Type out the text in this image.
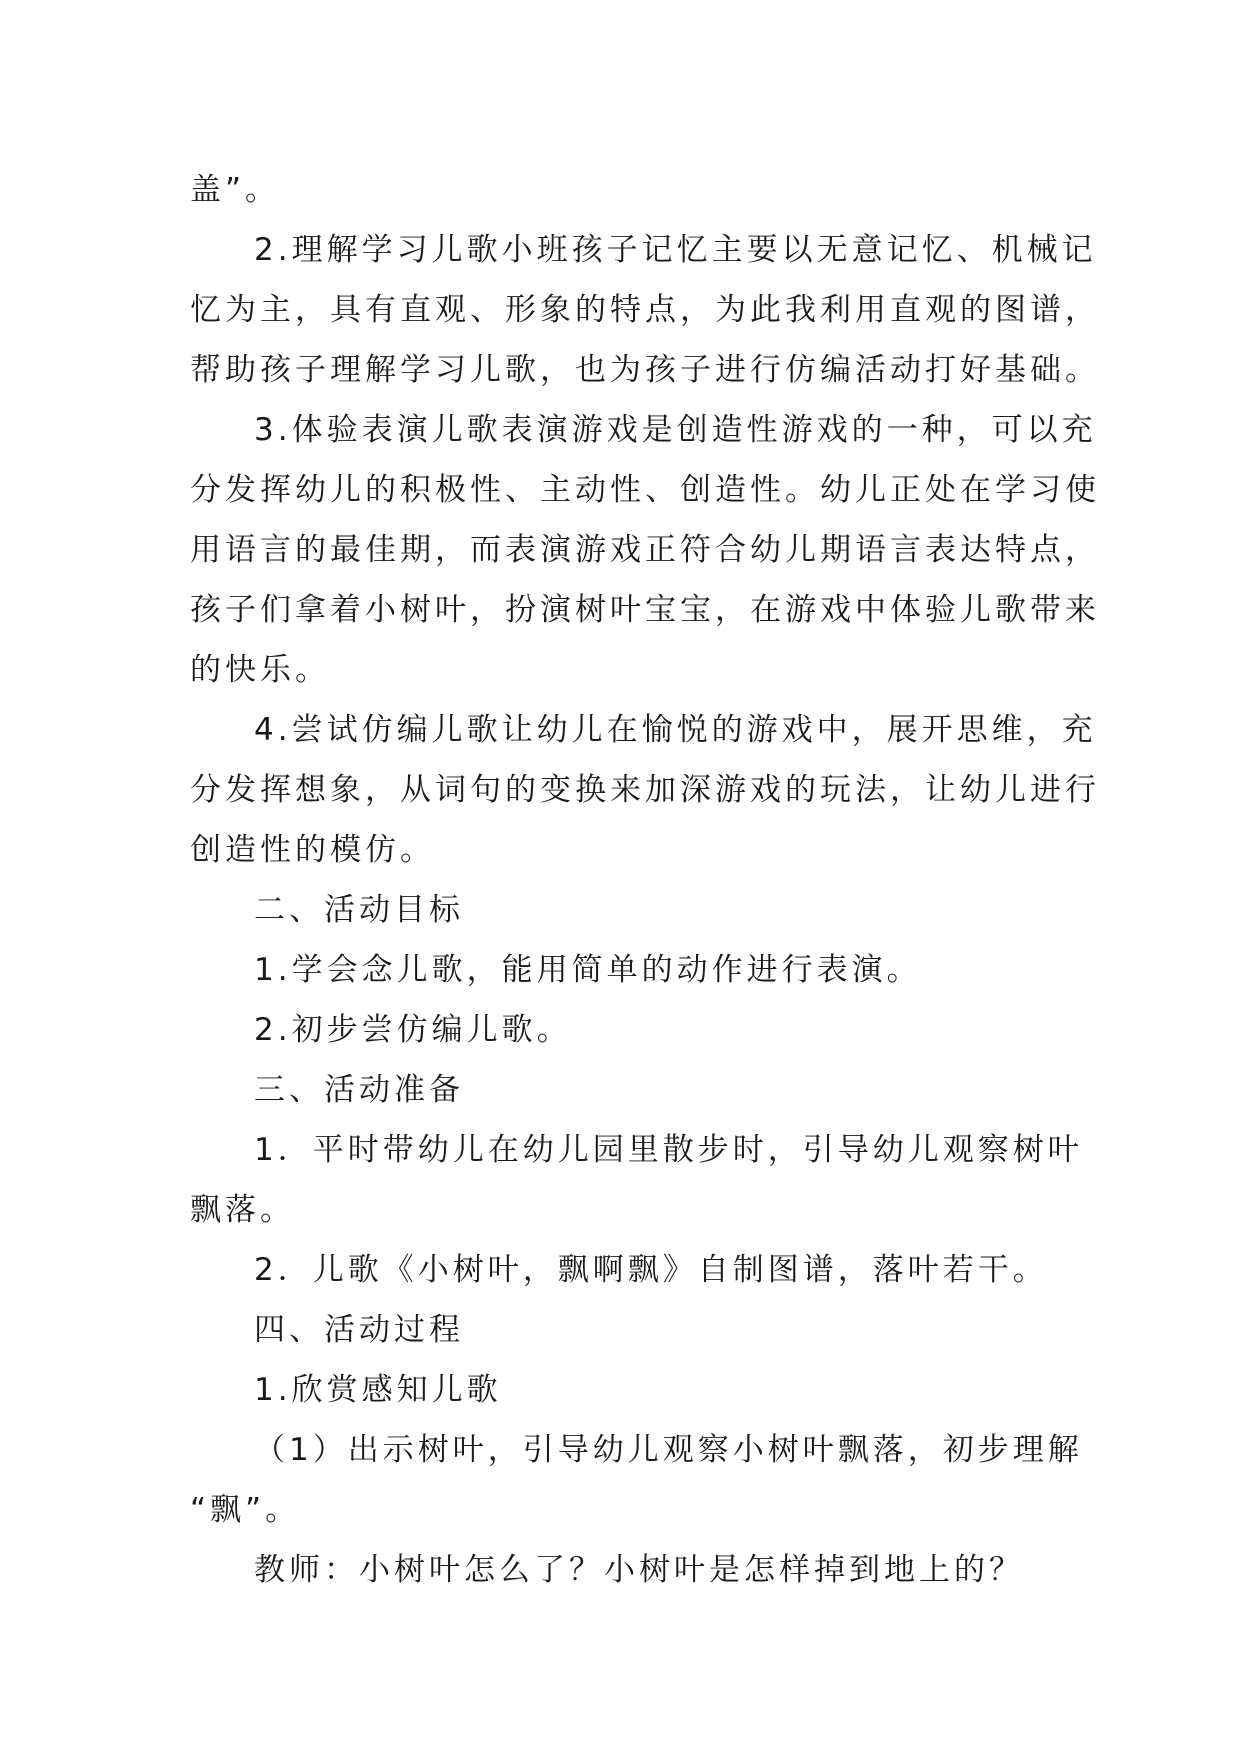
盖”。
2.理解学习儿歌小班孩子记忆主要以无意记忆、机械记
忆为主，具有直观、形象的特点，为此我利用直观的图谱，
帮助孩子理解学习儿歌，也为孩子进行仿编活动打好基础。
3.体验表演儿歌表演游戏是创造性游戏的一种，可以充
分发挥幼儿的积极性、主动性、创造性。幼儿正处在学习使
用语言的最佳期，而表演游戏正符合幼儿期语言表达特点，
孩子们拿着小树叶，扮演树叶宝宝，在游戏中体验儿歌带来
的快乐。
4.尝试仿编儿歌让幼儿在愉悦的游戏中，展开思维，充
分发挥想象，从词句的变换来加深游戏的玩法，让幼儿进行
创造性的模仿。
二、活动目标
1.学会念儿歌，能用简单的动作进行表演。
2.初步尝仿编儿歌。
三、活动准备
1．平时带幼儿在幼儿园里散步时，引导幼儿观察树叶
飘落。
2．儿歌《小树叶，飘啊飘》自制图谱，落叶若干。
四、活动过程
1.欣赏感知儿歌
（1）出示树叶，引导幼儿观察小树叶飘落，初步理解
“飘”。
教师：小树叶怎么了？小树叶是怎样掉到地上的？
